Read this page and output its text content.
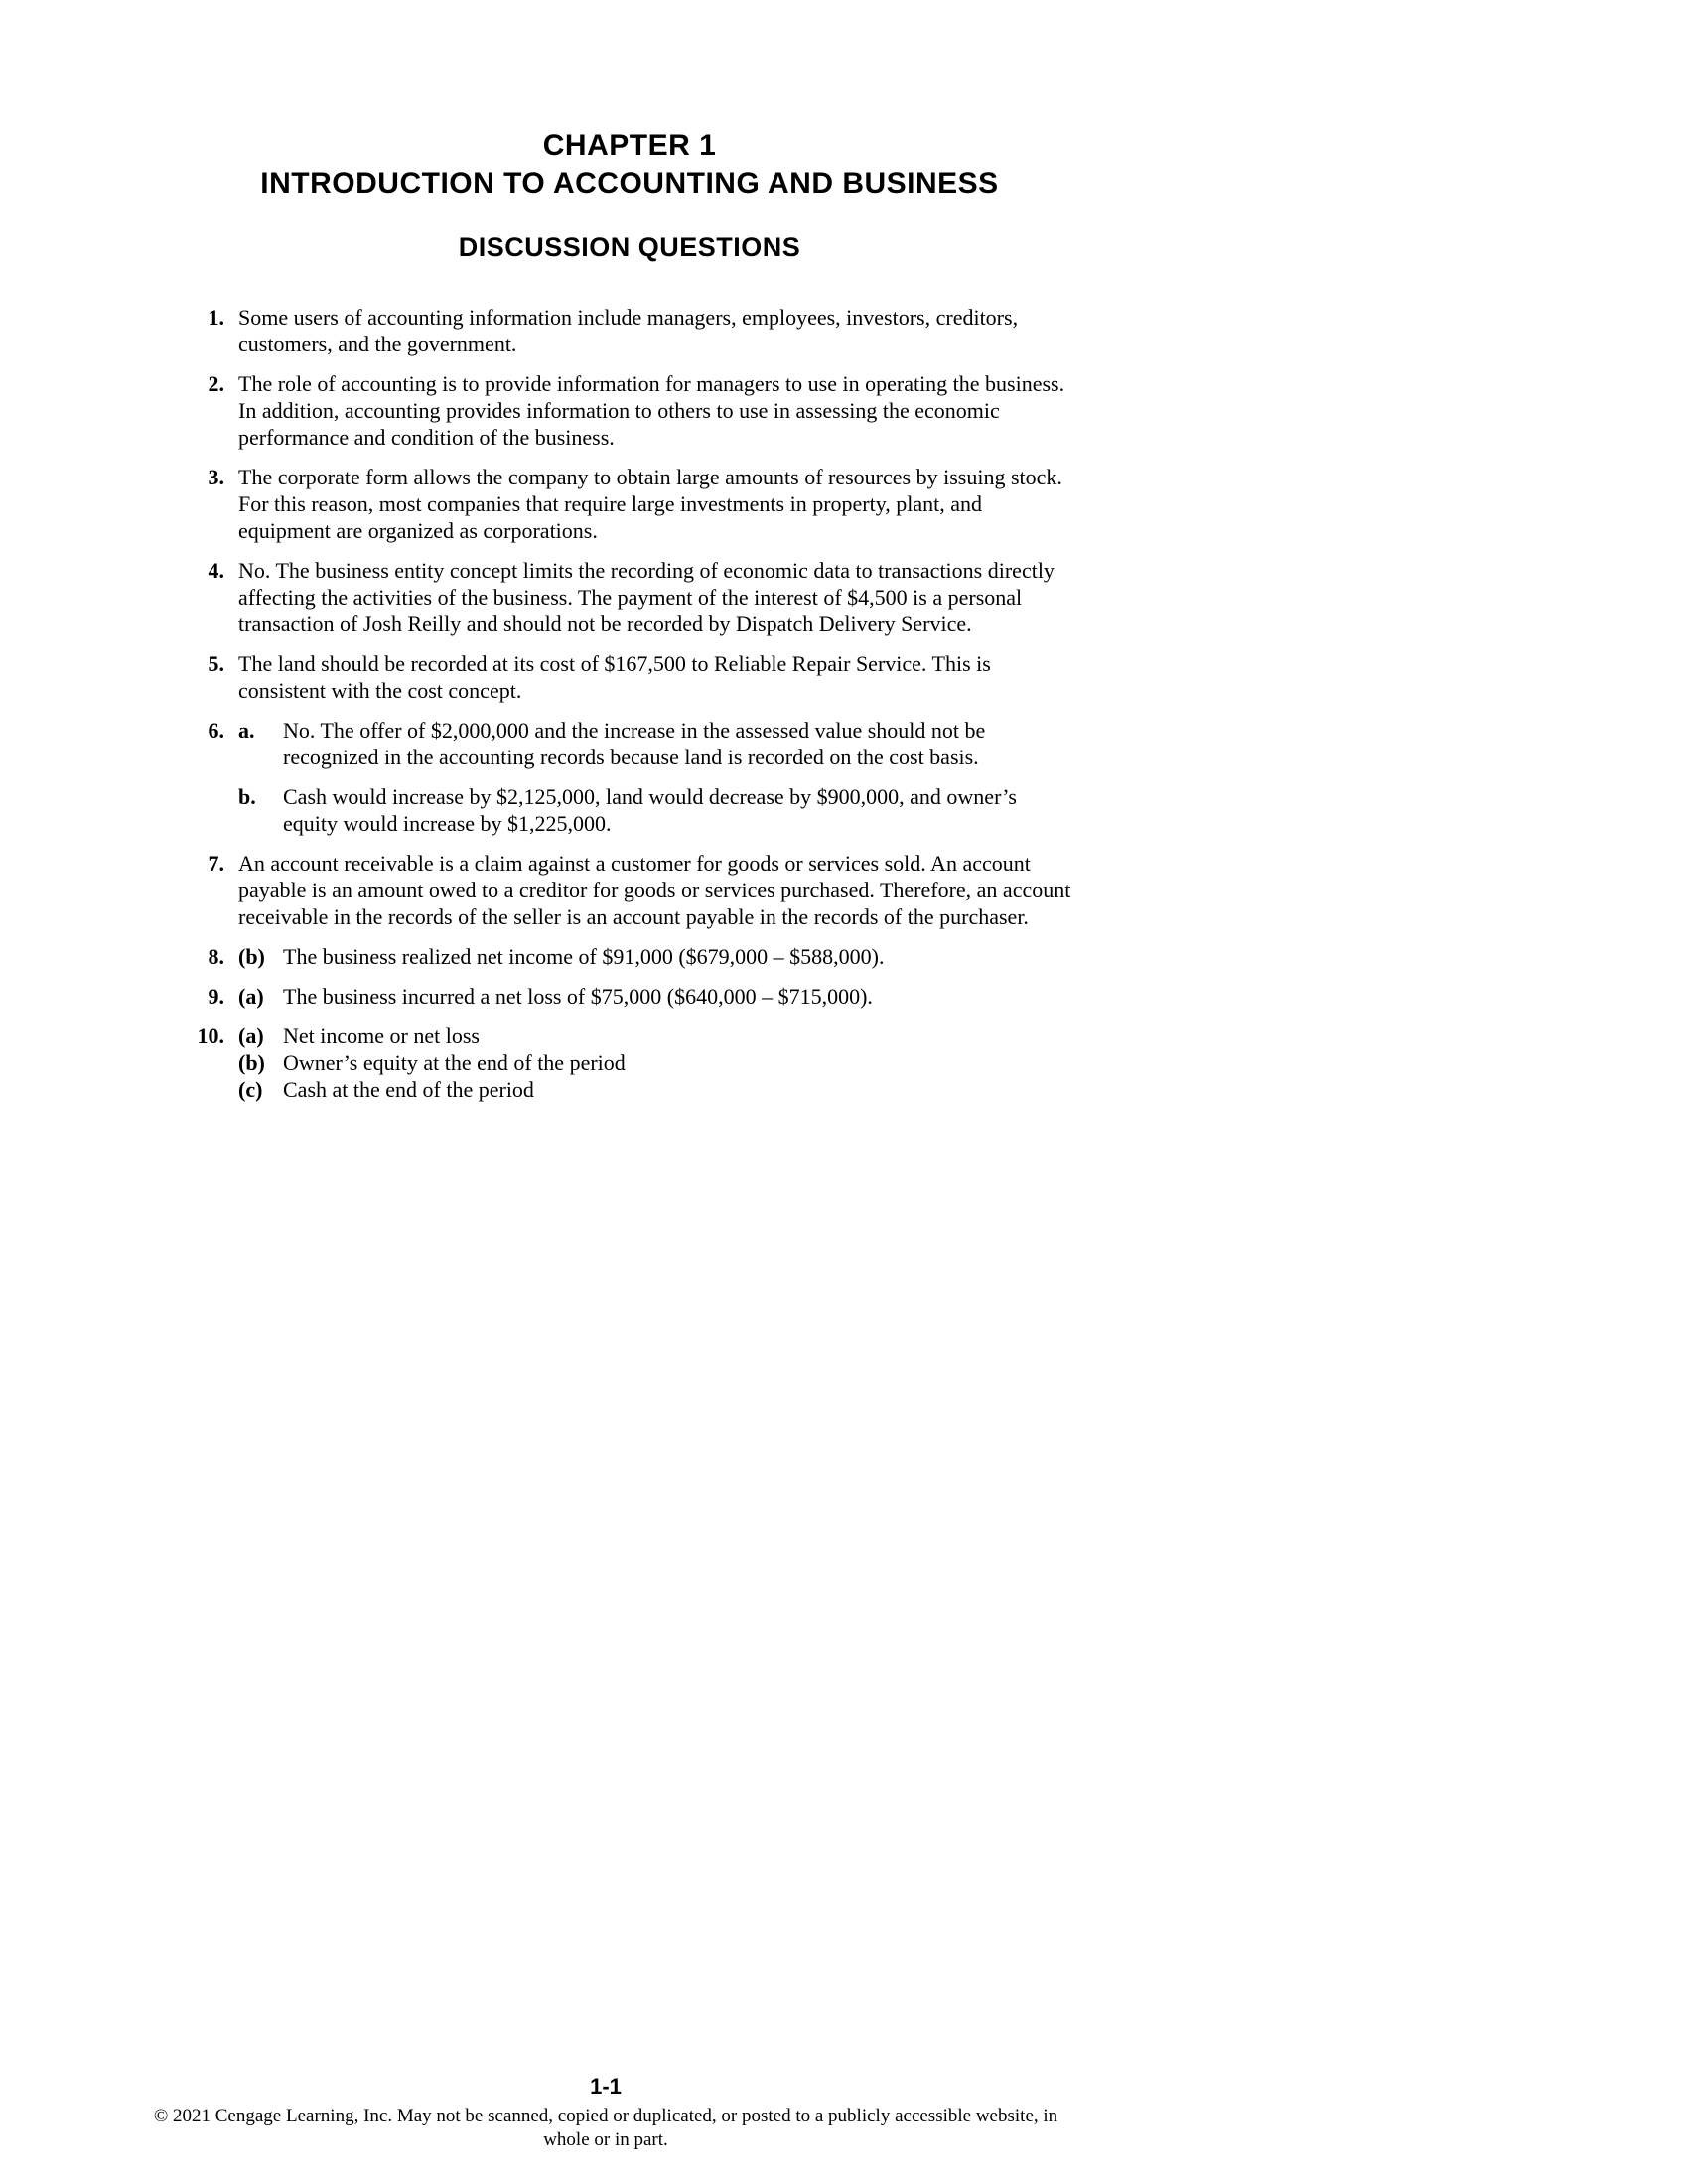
CHAPTER 1
INTRODUCTION TO ACCOUNTING AND BUSINESS
DISCUSSION QUESTIONS
1. Some users of accounting information include managers, employees, investors, creditors, customers, and the government.

2. The role of accounting is to provide information for managers to use in operating the business. In addition, accounting provides information to others to use in assessing the economic performance and condition of the business.

3. The corporate form allows the company to obtain large amounts of resources by issuing stock. For this reason, most companies that require large investments in property, plant, and equipment are organized as corporations.

4. No. The business entity concept limits the recording of economic data to transactions directly affecting the activities of the business. The payment of the interest of $4,500 is a personal transaction of Josh Reilly and should not be recorded by Dispatch Delivery Service.

5. The land should be recorded at its cost of $167,500 to Reliable Repair Service. This is consistent with the cost concept.

6. a.	No. The offer of $2,000,000 and the increase in the assessed value should not be recognized in the accounting records because land is recorded on the cost basis.

b.	Cash would increase by $2,125,000, land would decrease by $900,000, and owner’s equity would increase by $1,225,000.

7. An account receivable is a claim against a customer for goods or services sold. An account payable is an amount owed to a creditor for goods or services purchased. Therefore, an account receivable in the records of the seller is an account payable in the records of the purchaser.

8. (b) The business realized net income of $91,000 ($679,000 – $588,000).

9. (a) The business incurred a net loss of $75,000 ($640,000 – $715,000).

10. (a) Net income or net loss

(b) Owner’s equity at the end of the period

(c) Cash at the end of the period

1-1
© 2021 Cengage Learning, Inc. May not be scanned, copied or duplicated, or posted to a publicly accessible website, in whole or in part.
